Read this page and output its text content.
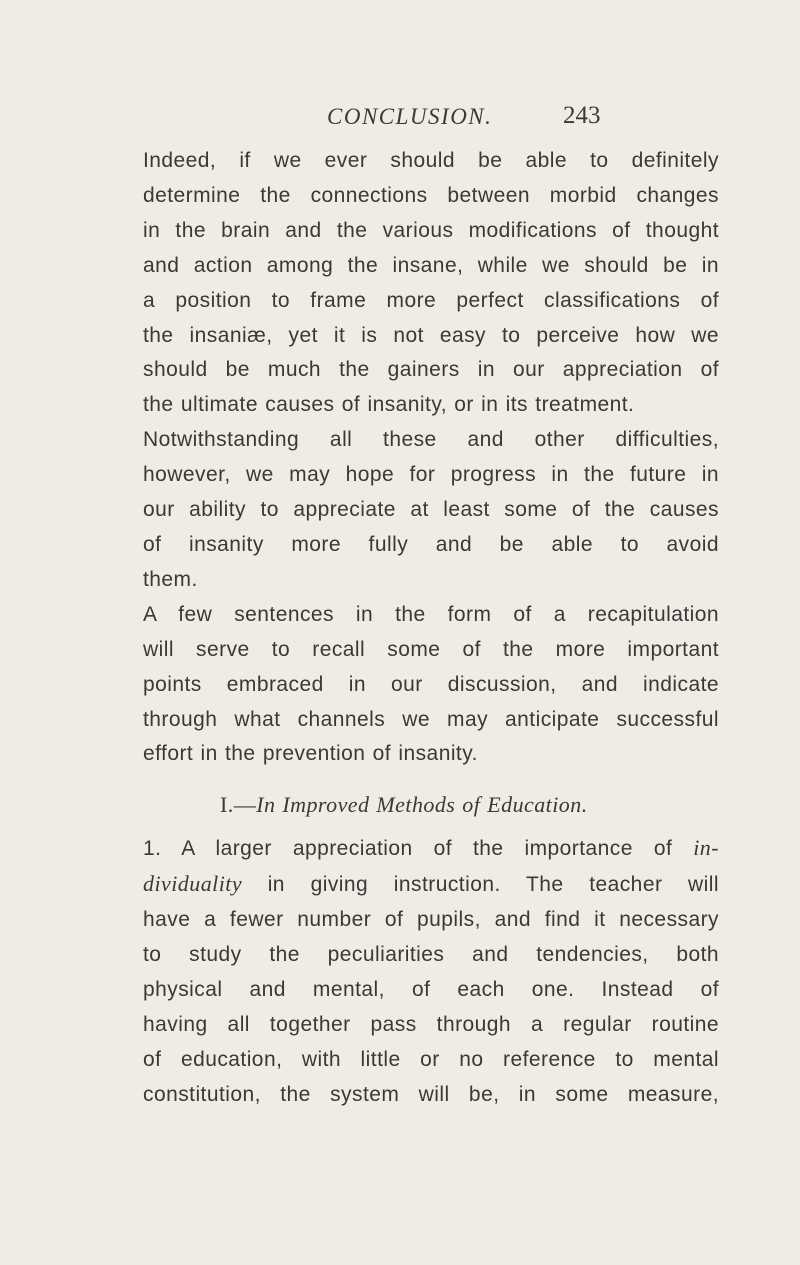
CONCLUSION.	243

Indeed, if we ever should be able to definitely
determine the connections between morbid changes
in the brain and the various modifications of thought
and action among the insane, while we should be in
a position to frame more perfect classifications of
the insaniæ, yet it is not easy to perceive how we
should be much the gainers in our appreciation of
the ultimate causes of insanity, or in its treatment.

Notwithstanding all these and other difficulties,
however, we may hope for progress in the future in
our ability to appreciate at least some of the causes
of insanity more fully and be able to avoid
them.

A few sentences in the form of a recapitulation
will serve to recall some of the more important
points embraced in our discussion, and indicate
through what channels we may anticipate successful
effort in the prevention of insanity.

I.—In Improved Methods of Education.

1. A larger appreciation of the importance of in-
dividuality in giving instruction. The teacher will
have a fewer number of pupils, and find it necessary
to study the peculiarities and tendencies, both
physical and mental, of each one. Instead of
having all together pass through a regular routine
of education, with little or no reference to mental
constitution, the system will be, in some measure,
